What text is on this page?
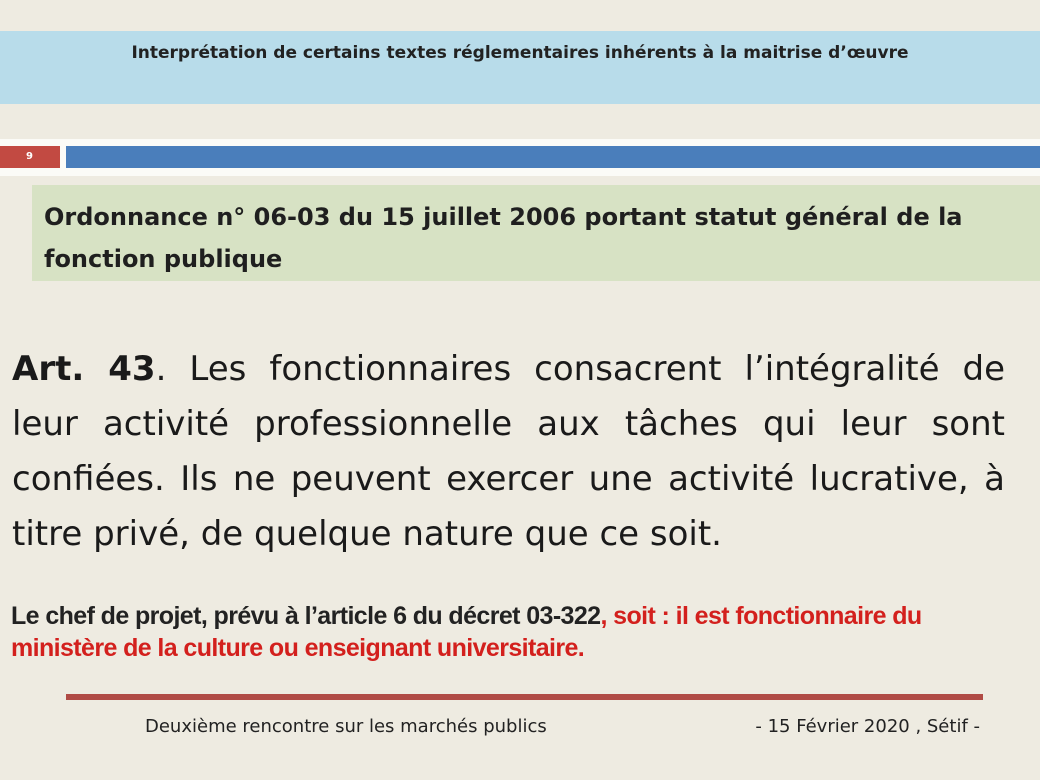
Interprétation de certains textes réglementaires inhérents à la maitrise d’œuvre
9
Ordonnance n° 06-03 du 15 juillet 2006 portant statut général de la fonction publique
Art. 43. Les fonctionnaires consacrent l’intégralité de leur activité professionnelle aux tâches qui leur sont confiées. Ils ne peuvent exercer une activité lucrative, à titre privé, de quelque nature que ce soit.
Le chef de projet, prévu à l’article 6 du décret 03-322, soit : il est fonctionnaire du ministère de la culture ou enseignant universitaire.
Deuxième rencontre sur les marchés publics	- 15 Février 2020 , Sétif -
